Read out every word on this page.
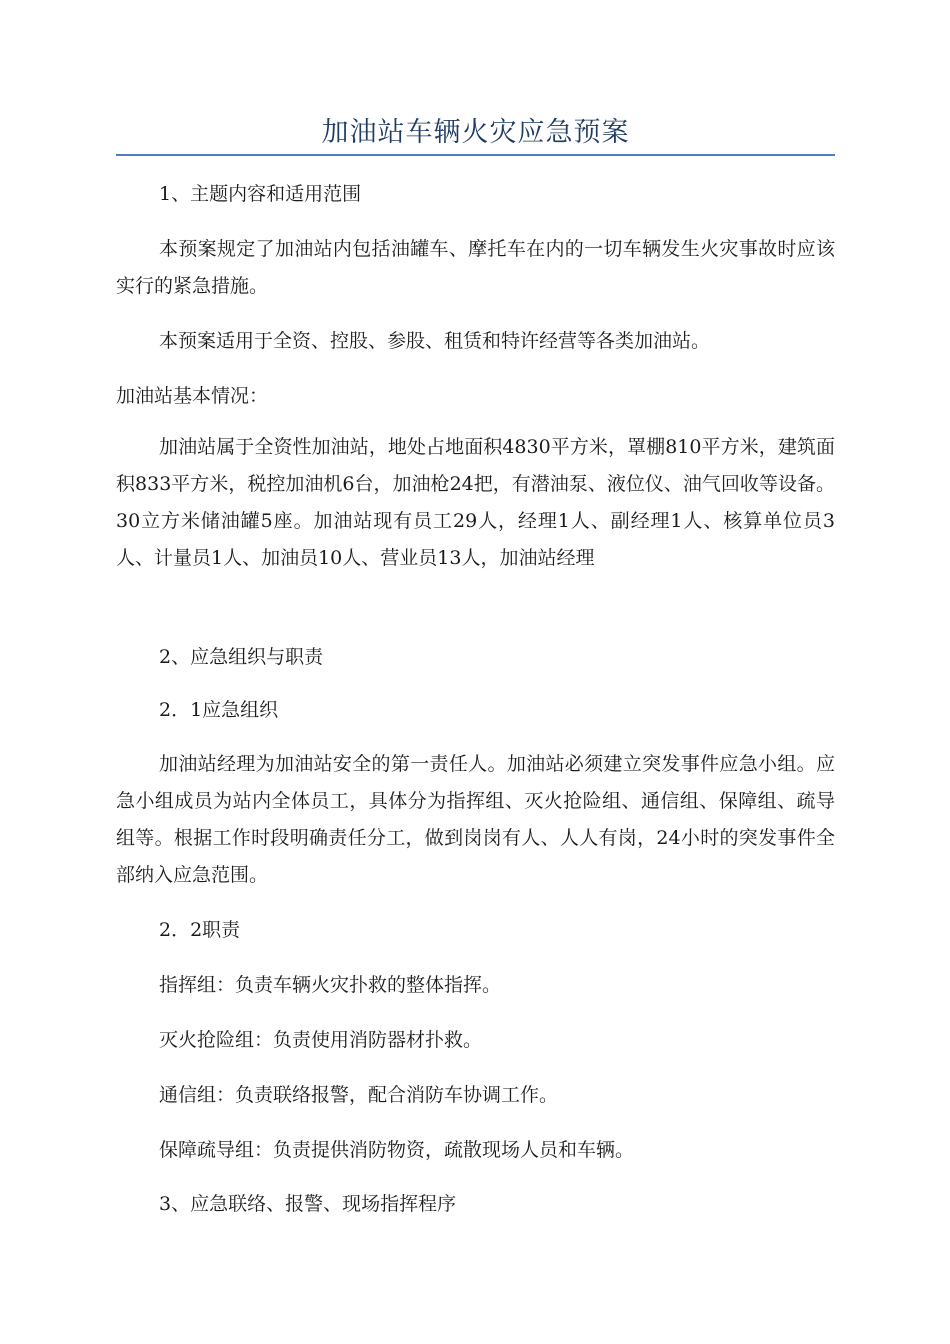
加油站车辆火灾应急预案

1、主题内容和适用范围

本预案规定了加油站内包括油罐车、摩托车在内的一切车辆发生火灾事故时应该实行的紧急措施。

本预案适用于全资、控股、参股、租赁和特许经营等各类加油站。

加油站基本情况：

加油站属于全资性加油站，地处占地面积4830平方米，罩棚810平方米，建筑面积833平方米，税控加油机6台，加油枪24把，有潜油泵、液位仪、油气回收等设备。30立方米储油罐5座。加油站现有员工29人，经理1人、副经理1人、核算单位员3人、计量员1人、加油员10人、营业员13人，加油站经理

2、应急组织与职责

2．1应急组织

加油站经理为加油站安全的第一责任人。加油站必须建立突发事件应急小组。应急小组成员为站内全体员工，具体分为指挥组、灭火抢险组、通信组、保障组、疏导组等。根据工作时段明确责任分工，做到岗岗有人、人人有岗，24小时的突发事件全部纳入应急范围。

2．2职责

指挥组：负责车辆火灾扑救的整体指挥。

灭火抢险组：负责使用消防器材扑救。

通信组：负责联络报警，配合消防车协调工作。

保障疏导组：负责提供消防物资，疏散现场人员和车辆。

3、应急联络、报警、现场指挥程序
